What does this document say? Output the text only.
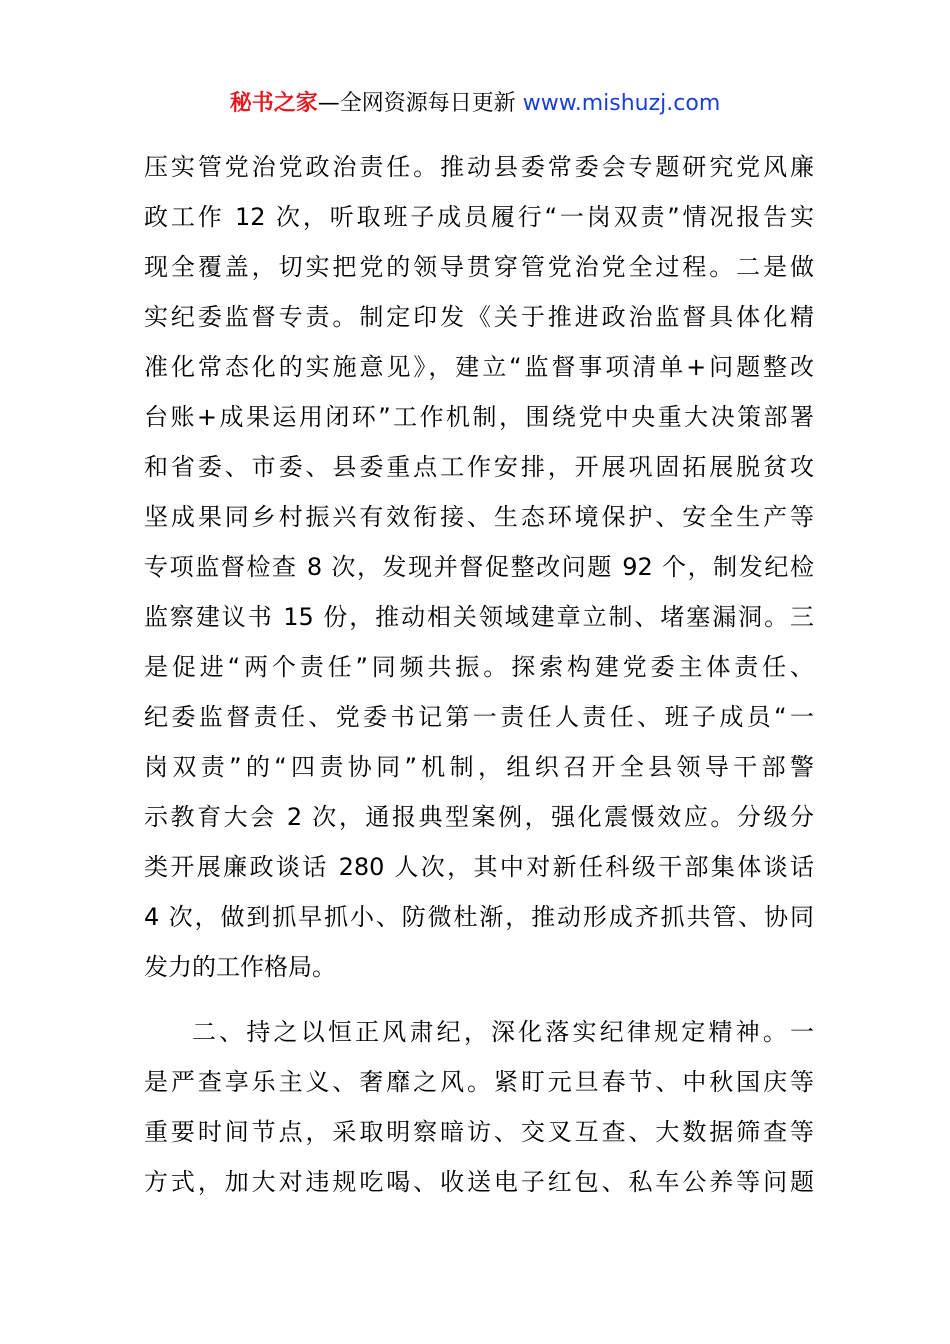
秘书之家—全网资源每日更新 www.mishuzj.com
压实管党治党政治责任。推动县委常委会专题研究党风廉
政工作 12 次，听取班子成员履行“一岗双责”情况报告实
现全覆盖，切实把党的领导贯穿管党治党全过程。二是做
实纪委监督专责。制定印发《关于推进政治监督具体化精
准化常态化的实施意见》，建立“监督事项清单+问题整改
台账+成果运用闭环”工作机制，围绕党中央重大决策部署
和省委、市委、县委重点工作安排，开展巩固拓展脱贫攻
坚成果同乡村振兴有效衔接、生态环境保护、安全生产等
专项监督检查 8 次，发现并督促整改问题 92 个，制发纪检
监察建议书 15 份，推动相关领域建章立制、堵塞漏洞。三
是促进“两个责任”同频共振。探索构建党委主体责任、
纪委监督责任、党委书记第一责任人责任、班子成员“一
岗双责”的“四责协同”机制，组织召开全县领导干部警
示教育大会 2 次，通报典型案例，强化震慑效应。分级分
类开展廉政谈话 280 人次，其中对新任科级干部集体谈话
4 次，做到抓早抓小、防微杜渐，推动形成齐抓共管、协同
发力的工作格局。
二、持之以恒正风肃纪，深化落实纪律规定精神。一
是严查享乐主义、奢靡之风。紧盯元旦春节、中秋国庆等
重要时间节点，采取明察暗访、交叉互查、大数据筛查等
方式，加大对违规吃喝、收送电子红包、私车公养等问题
